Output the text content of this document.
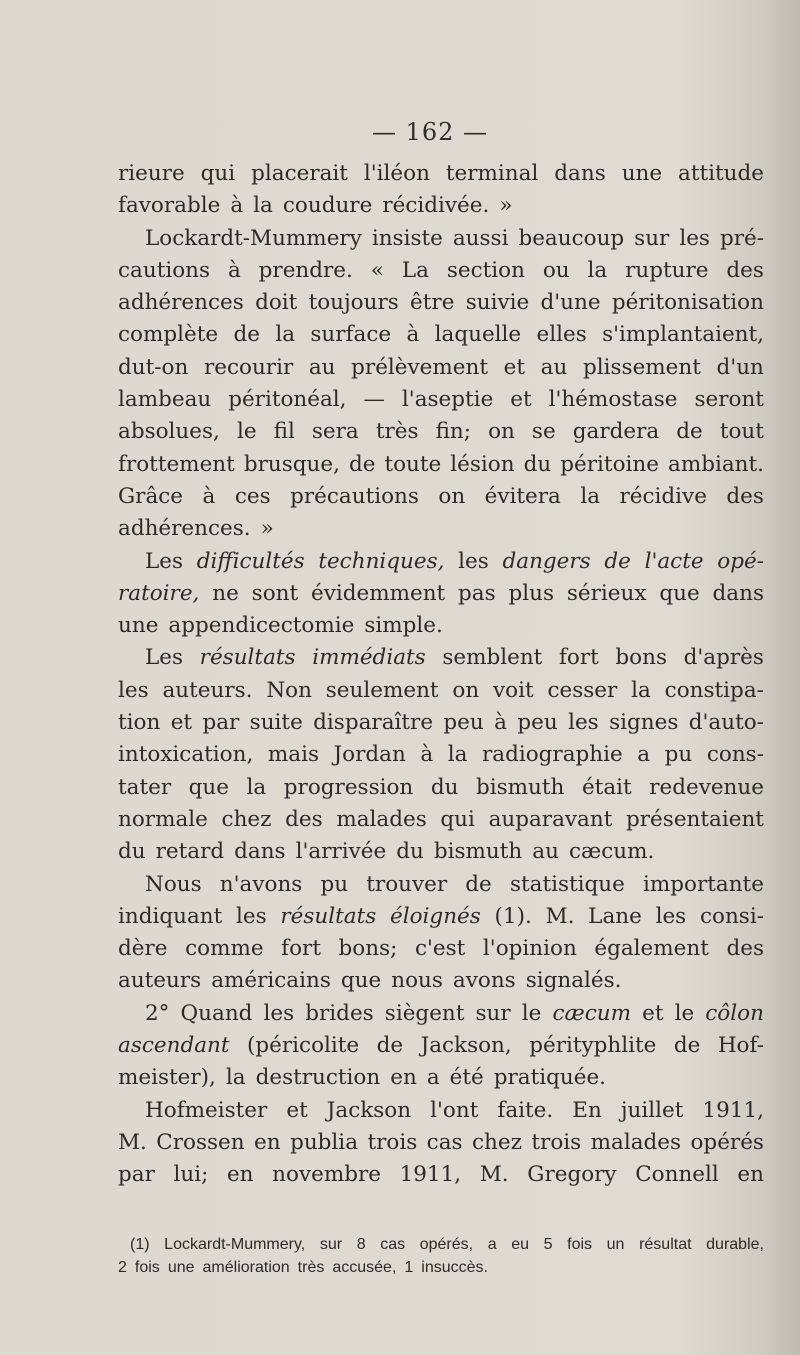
— 162 —
rieure qui placerait l'iléon terminal dans une attitude
favorable à la coudure récidivée. »
Lockardt-Mummery insiste aussi beaucoup sur les pré-
cautions à prendre. « La section ou la rupture des
adhérences doit toujours être suivie d'une péritonisation
complète de la surface à laquelle elles s'implantaient,
dut-on recourir au prélèvement et au plissement d'un
lambeau péritonéal, — l'aseptie et l'hémostase seront
absolues, le fil sera très fin; on se gardera de tout
frottement brusque, de toute lésion du péritoine ambiant.
Grâce à ces précautions on évitera la récidive des
adhérences. »
Les difficultés techniques, les dangers de l'acte opé-
ratoire, ne sont évidemment pas plus sérieux que dans
une appendicectomie simple.
Les résultats immédiats semblent fort bons d'après
les auteurs. Non seulement on voit cesser la constipa-
tion et par suite disparaître peu à peu les signes d'auto-
intoxication, mais Jordan à la radiographie a pu cons-
tater que la progression du bismuth était redevenue
normale chez des malades qui auparavant présentaient
du retard dans l'arrivée du bismuth au cæcum.
Nous n'avons pu trouver de statistique importante
indiquant les résultats éloignés (1). M. Lane les consi-
dère comme fort bons; c'est l'opinion également des
auteurs américains que nous avons signalés.
2° Quand les brides siègent sur le cæcum et le côlon
ascendant (péricolite de Jackson, pérityphlite de Hof-
meister), la destruction en a été pratiquée.
Hofmeister et Jackson l'ont faite. En juillet 1911,
M. Crossen en publia trois cas chez trois malades opérés
par lui; en novembre 1911, M. Gregory Connell en
(1) Lockardt-Mummery, sur 8 cas opérés, a eu 5 fois un résultat durable,
2 fois une amélioration très accusée, 1 insuccès.
